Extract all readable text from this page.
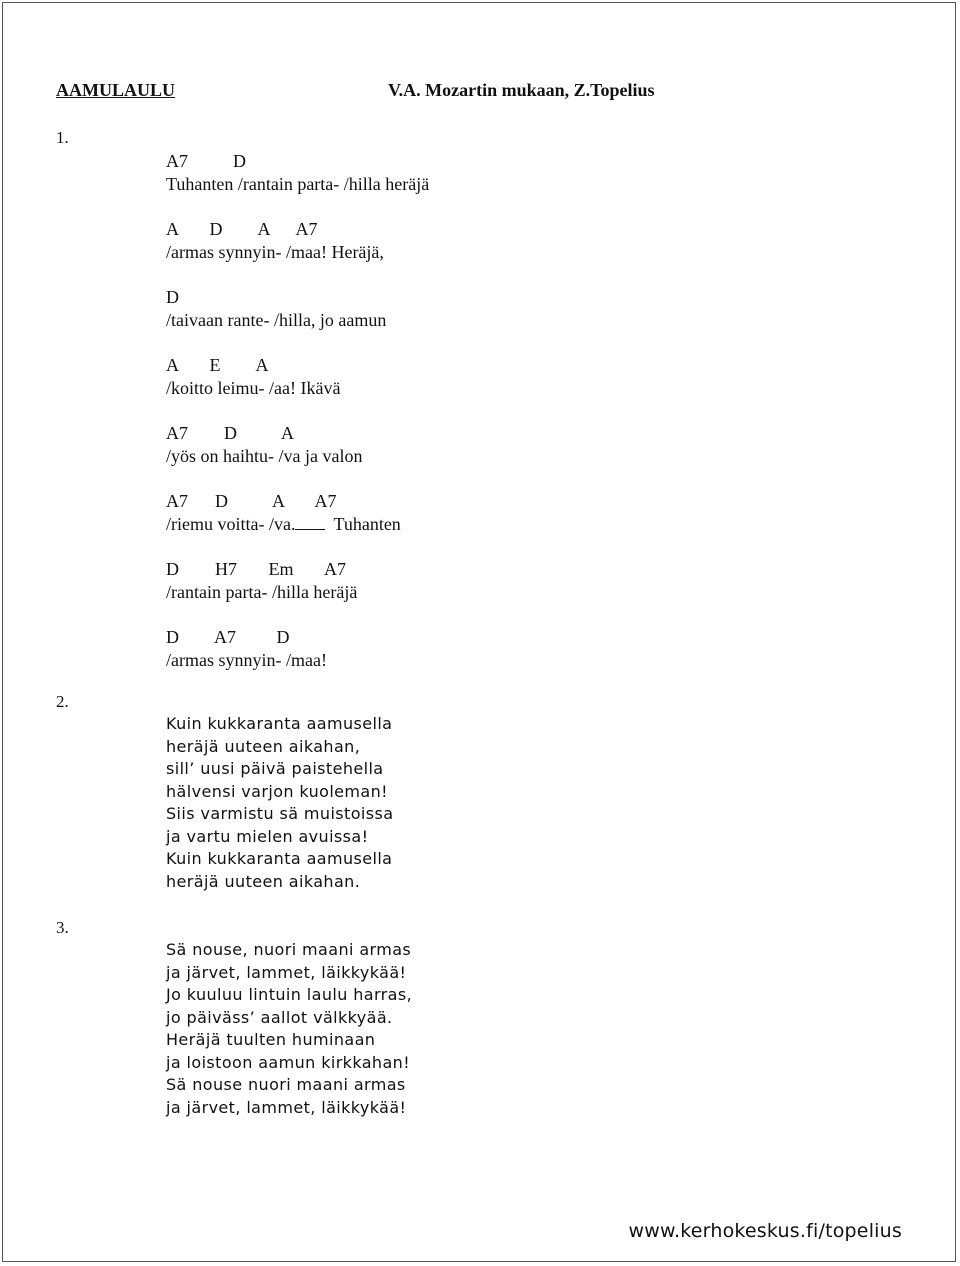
AAMULAULU	V.A. Mozartin mukaan, Z.Topelius
1.
A7          D
Tuhanten /rantain parta- /hilla heräjä
A       D        A      A7
/armas synnyin- /maa! Heräjä,
D
/taivaan rante- /hilla, jo aamun
A       E        A
/koitto leimu- /aa! Ikävä
A7        D          A
/yös on haihtu- /va ja valon
A7      D          A       A7
/riemu voitta- /va. Tuhanten
D        H7       Em       A7
/rantain parta- /hilla heräjä
D        A7         D
/armas synnyin- /maa!
2.
Kuin kukkaranta aamusella
heräjä uuteen aikahan,
sill’ uusi päivä paistehella
hälvensi varjon kuoleman!
Siis varmistu sä muistoissa
ja vartu mielen avuissa!
Kuin kukkaranta aamusella
heräjä uuteen aikahan.
3.
Sä nouse, nuori maani armas
ja järvet, lammet, läikkykää!
Jo kuuluu lintuin laulu harras,
jo päiväss’ aallot välkkyää.
Heräjä tuulten huminaan
ja loistoon aamun kirkkahan!
Sä nouse nuori maani armas
ja järvet, lammet, läikkykää!
www.kerhokeskus.fi/topelius
